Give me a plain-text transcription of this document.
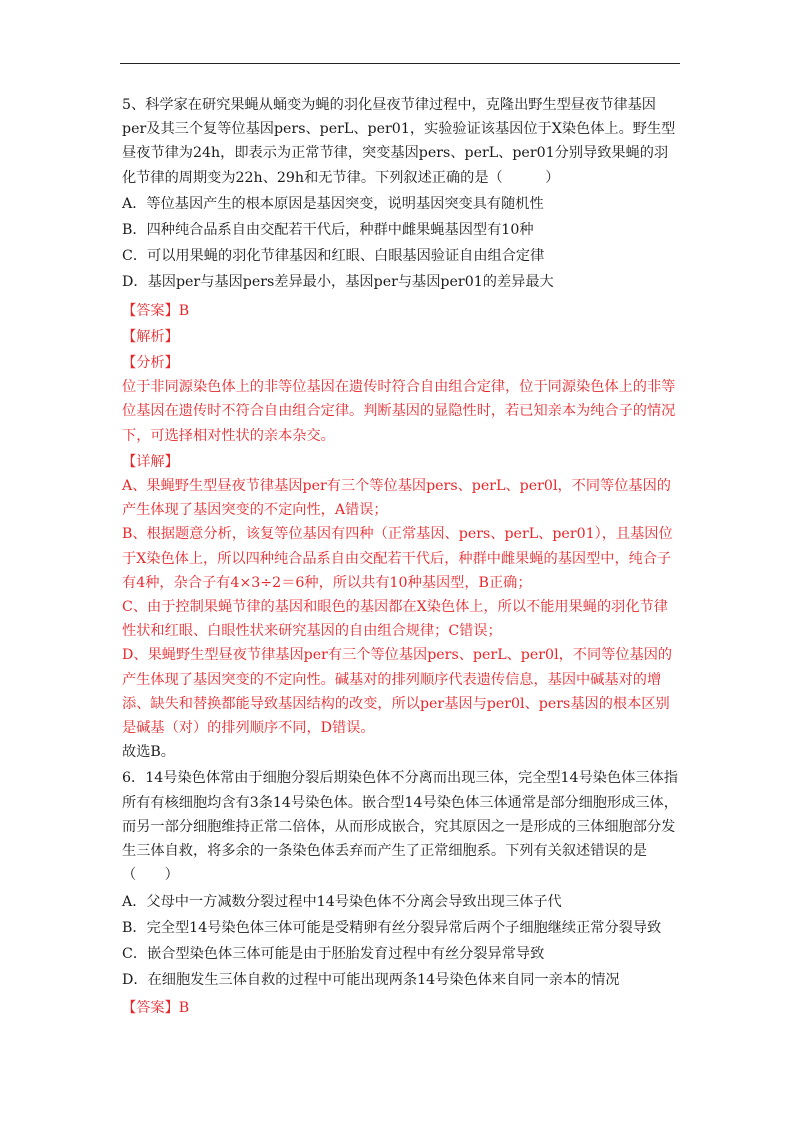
5、科学家在研究果蝇从蛹变为蝇的羽化昼夜节律过程中，克隆出野生型昼夜节律基因per及其三个复等位基因pers、perL、per01，实验验证该基因位于X染色体上。野生型昼夜节律为24h，即表示为正常节律，突变基因pers、perL、per01分别导致果蝇的羽化节律的周期变为22h、29h和无节律。下列叙述正确的是（　　　）

A．等位基因产生的根本原因是基因突变，说明基因突变具有随机性

B．四种纯合品系自由交配若干代后，种群中雌果蝇基因型有10种

C．可以用果蝇的羽化节律基因和红眼、白眼基因验证自由组合定律

D．基因per与基因pers差异最小，基因per与基因per01的差异最大

【答案】B

【解析】

【分析】

位于非同源染色体上的非等位基因在遗传时符合自由组合定律，位于同源染色体上的非等位基因在遗传时不符合自由组合定律。判断基因的显隐性时，若已知亲本为纯合子的情况下，可选择相对性状的亲本杂交。

【详解】

A、果蝇野生型昼夜节律基因per有三个等位基因pers、perL、per0l，不同等位基因的产生体现了基因突变的不定向性，A错误；

B、根据题意分析，该复等位基因有四种（正常基因、pers、perL、per01），且基因位于X染色体上，所以四种纯合品系自由交配若干代后，种群中雌果蝇的基因型中，纯合子有4种，杂合子有4×3÷2＝6种，所以共有10种基因型，B正确；

C、由于控制果蝇节律的基因和眼色的基因都在X染色体上，所以不能用果蝇的羽化节律性状和红眼、白眼性状来研究基因的自由组合规律；C错误；

D、果蝇野生型昼夜节律基因per有三个等位基因pers、perL、per0l，不同等位基因的产生体现了基因突变的不定向性。碱基对的排列顺序代表遗传信息，基因中碱基对的增添、缺失和替换都能导致基因结构的改变，所以per基因与per0l、pers基因的根本区别是碱基（对）的排列顺序不同，D错误。

故选B。

6．14号染色体常由于细胞分裂后期染色体不分离而出现三体，完全型14号染色体三体指所有有核细胞均含有3条14号染色体。嵌合型14号染色体三体通常是部分细胞形成三体，而另一部分细胞维持正常二倍体，从而形成嵌合，究其原因之一是形成的三体细胞部分发生三体自救，将多余的一条染色体丢弃而产生了正常细胞系。下列有关叙述错误的是（　　）

A．父母中一方减数分裂过程中14号染色体不分离会导致出现三体子代

B．完全型14号染色体三体可能是受精卵有丝分裂异常后两个子细胞继续正常分裂导致

C．嵌合型染色体三体可能是由于胚胎发育过程中有丝分裂异常导致

D．在细胞发生三体自救的过程中可能出现两条14号染色体来自同一亲本的情况

【答案】B
